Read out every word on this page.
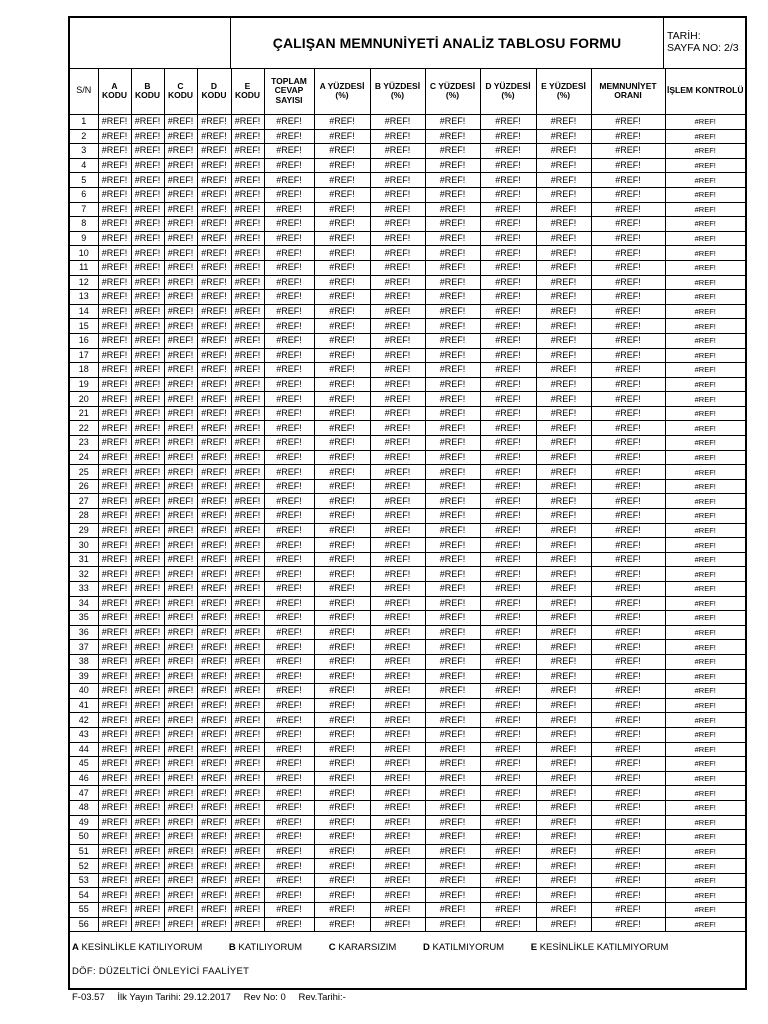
ÇALIŞAN MEMNUNİYETİ ANALİZ TABLOSU FORMU	TARİH:
SAYFA NO: 2/3
S/N	A KODU	B KODU	C KODU	D KODU	E KODU	TOPLAM CEVAP SAYISI	A YÜZDESİ (%)	B YÜZDESİ (%)	C YÜZDESİ (%)	D YÜZDESİ (%)	E YÜZDESİ (%)	MEMNUNİYET ORANI	İŞLEM KONTROLÜ
1	#REF!	#REF!	#REF!	#REF!	#REF!	#REF!	#REF!	#REF!	#REF!	#REF!	#REF!	#REF!	#REF!
2	#REF!	#REF!	#REF!	#REF!	#REF!	#REF!	#REF!	#REF!	#REF!	#REF!	#REF!	#REF!	#REF!
3	#REF!	#REF!	#REF!	#REF!	#REF!	#REF!	#REF!	#REF!	#REF!	#REF!	#REF!	#REF!	#REF!
4	#REF!	#REF!	#REF!	#REF!	#REF!	#REF!	#REF!	#REF!	#REF!	#REF!	#REF!	#REF!	#REF!
5	#REF!	#REF!	#REF!	#REF!	#REF!	#REF!	#REF!	#REF!	#REF!	#REF!	#REF!	#REF!	#REF!
6	#REF!	#REF!	#REF!	#REF!	#REF!	#REF!	#REF!	#REF!	#REF!	#REF!	#REF!	#REF!	#REF!
7	#REF!	#REF!	#REF!	#REF!	#REF!	#REF!	#REF!	#REF!	#REF!	#REF!	#REF!	#REF!	#REF!
8	#REF!	#REF!	#REF!	#REF!	#REF!	#REF!	#REF!	#REF!	#REF!	#REF!	#REF!	#REF!	#REF!
9	#REF!	#REF!	#REF!	#REF!	#REF!	#REF!	#REF!	#REF!	#REF!	#REF!	#REF!	#REF!	#REF!
10	#REF!	#REF!	#REF!	#REF!	#REF!	#REF!	#REF!	#REF!	#REF!	#REF!	#REF!	#REF!	#REF!
11	#REF!	#REF!	#REF!	#REF!	#REF!	#REF!	#REF!	#REF!	#REF!	#REF!	#REF!	#REF!	#REF!
12	#REF!	#REF!	#REF!	#REF!	#REF!	#REF!	#REF!	#REF!	#REF!	#REF!	#REF!	#REF!	#REF!
13	#REF!	#REF!	#REF!	#REF!	#REF!	#REF!	#REF!	#REF!	#REF!	#REF!	#REF!	#REF!	#REF!
14	#REF!	#REF!	#REF!	#REF!	#REF!	#REF!	#REF!	#REF!	#REF!	#REF!	#REF!	#REF!	#REF!
15	#REF!	#REF!	#REF!	#REF!	#REF!	#REF!	#REF!	#REF!	#REF!	#REF!	#REF!	#REF!	#REF!
16	#REF!	#REF!	#REF!	#REF!	#REF!	#REF!	#REF!	#REF!	#REF!	#REF!	#REF!	#REF!	#REF!
17	#REF!	#REF!	#REF!	#REF!	#REF!	#REF!	#REF!	#REF!	#REF!	#REF!	#REF!	#REF!	#REF!
18	#REF!	#REF!	#REF!	#REF!	#REF!	#REF!	#REF!	#REF!	#REF!	#REF!	#REF!	#REF!	#REF!
19	#REF!	#REF!	#REF!	#REF!	#REF!	#REF!	#REF!	#REF!	#REF!	#REF!	#REF!	#REF!	#REF!
20	#REF!	#REF!	#REF!	#REF!	#REF!	#REF!	#REF!	#REF!	#REF!	#REF!	#REF!	#REF!	#REF!
21	#REF!	#REF!	#REF!	#REF!	#REF!	#REF!	#REF!	#REF!	#REF!	#REF!	#REF!	#REF!	#REF!
22	#REF!	#REF!	#REF!	#REF!	#REF!	#REF!	#REF!	#REF!	#REF!	#REF!	#REF!	#REF!	#REF!
23	#REF!	#REF!	#REF!	#REF!	#REF!	#REF!	#REF!	#REF!	#REF!	#REF!	#REF!	#REF!	#REF!
24	#REF!	#REF!	#REF!	#REF!	#REF!	#REF!	#REF!	#REF!	#REF!	#REF!	#REF!	#REF!	#REF!
25	#REF!	#REF!	#REF!	#REF!	#REF!	#REF!	#REF!	#REF!	#REF!	#REF!	#REF!	#REF!	#REF!
26	#REF!	#REF!	#REF!	#REF!	#REF!	#REF!	#REF!	#REF!	#REF!	#REF!	#REF!	#REF!	#REF!
27	#REF!	#REF!	#REF!	#REF!	#REF!	#REF!	#REF!	#REF!	#REF!	#REF!	#REF!	#REF!	#REF!
28	#REF!	#REF!	#REF!	#REF!	#REF!	#REF!	#REF!	#REF!	#REF!	#REF!	#REF!	#REF!	#REF!
29	#REF!	#REF!	#REF!	#REF!	#REF!	#REF!	#REF!	#REF!	#REF!	#REF!	#REF!	#REF!	#REF!
30	#REF!	#REF!	#REF!	#REF!	#REF!	#REF!	#REF!	#REF!	#REF!	#REF!	#REF!	#REF!	#REF!
31	#REF!	#REF!	#REF!	#REF!	#REF!	#REF!	#REF!	#REF!	#REF!	#REF!	#REF!	#REF!	#REF!
32	#REF!	#REF!	#REF!	#REF!	#REF!	#REF!	#REF!	#REF!	#REF!	#REF!	#REF!	#REF!	#REF!
33	#REF!	#REF!	#REF!	#REF!	#REF!	#REF!	#REF!	#REF!	#REF!	#REF!	#REF!	#REF!	#REF!
34	#REF!	#REF!	#REF!	#REF!	#REF!	#REF!	#REF!	#REF!	#REF!	#REF!	#REF!	#REF!	#REF!
35	#REF!	#REF!	#REF!	#REF!	#REF!	#REF!	#REF!	#REF!	#REF!	#REF!	#REF!	#REF!	#REF!
36	#REF!	#REF!	#REF!	#REF!	#REF!	#REF!	#REF!	#REF!	#REF!	#REF!	#REF!	#REF!	#REF!
37	#REF!	#REF!	#REF!	#REF!	#REF!	#REF!	#REF!	#REF!	#REF!	#REF!	#REF!	#REF!	#REF!
38	#REF!	#REF!	#REF!	#REF!	#REF!	#REF!	#REF!	#REF!	#REF!	#REF!	#REF!	#REF!	#REF!
39	#REF!	#REF!	#REF!	#REF!	#REF!	#REF!	#REF!	#REF!	#REF!	#REF!	#REF!	#REF!	#REF!
40	#REF!	#REF!	#REF!	#REF!	#REF!	#REF!	#REF!	#REF!	#REF!	#REF!	#REF!	#REF!	#REF!
41	#REF!	#REF!	#REF!	#REF!	#REF!	#REF!	#REF!	#REF!	#REF!	#REF!	#REF!	#REF!	#REF!
42	#REF!	#REF!	#REF!	#REF!	#REF!	#REF!	#REF!	#REF!	#REF!	#REF!	#REF!	#REF!	#REF!
43	#REF!	#REF!	#REF!	#REF!	#REF!	#REF!	#REF!	#REF!	#REF!	#REF!	#REF!	#REF!	#REF!
44	#REF!	#REF!	#REF!	#REF!	#REF!	#REF!	#REF!	#REF!	#REF!	#REF!	#REF!	#REF!	#REF!
45	#REF!	#REF!	#REF!	#REF!	#REF!	#REF!	#REF!	#REF!	#REF!	#REF!	#REF!	#REF!	#REF!
46	#REF!	#REF!	#REF!	#REF!	#REF!	#REF!	#REF!	#REF!	#REF!	#REF!	#REF!	#REF!	#REF!
47	#REF!	#REF!	#REF!	#REF!	#REF!	#REF!	#REF!	#REF!	#REF!	#REF!	#REF!	#REF!	#REF!
48	#REF!	#REF!	#REF!	#REF!	#REF!	#REF!	#REF!	#REF!	#REF!	#REF!	#REF!	#REF!	#REF!
49	#REF!	#REF!	#REF!	#REF!	#REF!	#REF!	#REF!	#REF!	#REF!	#REF!	#REF!	#REF!	#REF!
50	#REF!	#REF!	#REF!	#REF!	#REF!	#REF!	#REF!	#REF!	#REF!	#REF!	#REF!	#REF!	#REF!
51	#REF!	#REF!	#REF!	#REF!	#REF!	#REF!	#REF!	#REF!	#REF!	#REF!	#REF!	#REF!	#REF!
52	#REF!	#REF!	#REF!	#REF!	#REF!	#REF!	#REF!	#REF!	#REF!	#REF!	#REF!	#REF!	#REF!
53	#REF!	#REF!	#REF!	#REF!	#REF!	#REF!	#REF!	#REF!	#REF!	#REF!	#REF!	#REF!	#REF!
54	#REF!	#REF!	#REF!	#REF!	#REF!	#REF!	#REF!	#REF!	#REF!	#REF!	#REF!	#REF!	#REF!
55	#REF!	#REF!	#REF!	#REF!	#REF!	#REF!	#REF!	#REF!	#REF!	#REF!	#REF!	#REF!	#REF!
56	#REF!	#REF!	#REF!	#REF!	#REF!	#REF!	#REF!	#REF!	#REF!	#REF!	#REF!	#REF!	#REF!
A KESİNLİKLE KATILIYORUM	B KATILIYORUM	C KARARSIZIM	D KATILMIYORUM	E KESİNLİKLE KATILMIYORUM
DÖF: DÜZELTİCİ ÖNLEYİCİ FAALİYET
F-03.57 İlk Yayın Tarihi: 29.12.2017 Rev No: 0 Rev.Tarihi:-
